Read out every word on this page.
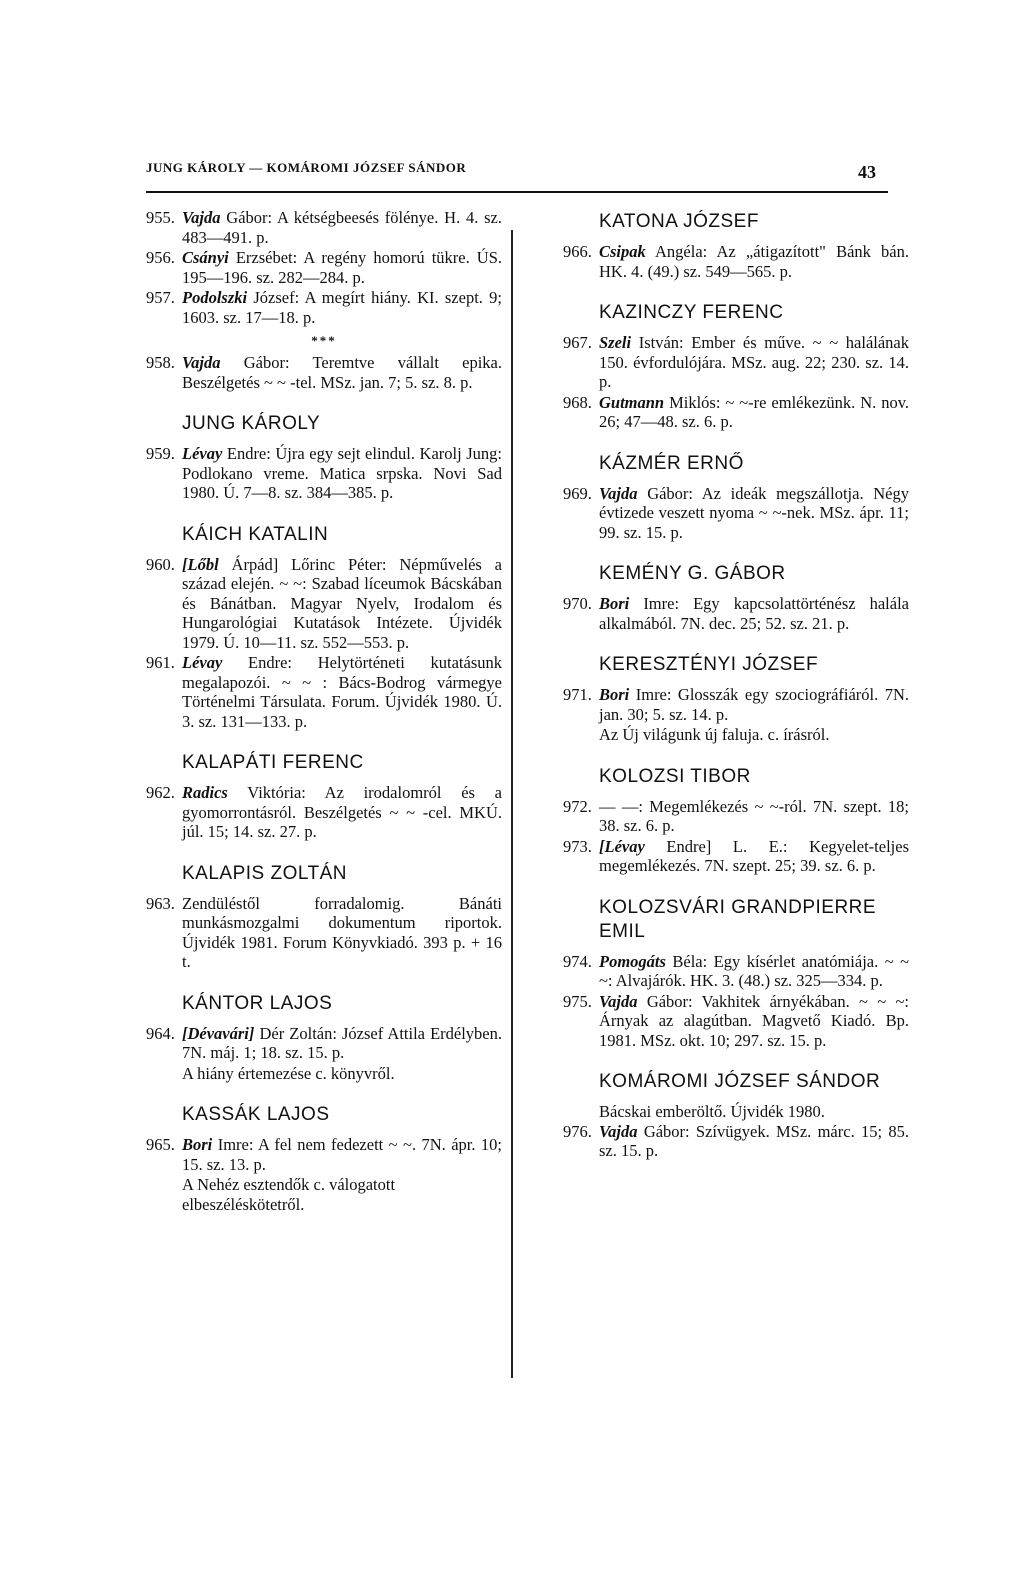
JUNG KÁROLY — KOMÁROMI JÓZSEF SÁNDOR	43
955. Vajda Gábor: A kétségbeesés fölénye. H. 4. sz. 483—491. p.
956. Csányi Erzsébet: A regény homorú tükre. ÚS. 195—196. sz. 282—284. p.
957. Podolszki József: A megírt hiány. KI. szept. 9; 1603. sz. 17—18. p.
***
958. Vajda Gábor: Teremtve vállalt epika. Beszélgetés ~ ~ -tel. MSz. jan. 7; 5. sz. 8. p.
JUNG KÁROLY
959. Lévay Endre: Újra egy sejt elindul. Karolj Jung: Podlokano vreme. Matica srpska. Novi Sad 1980. Ú. 7—8. sz. 384—385. p.
KÁICH KATALIN
960. [Lőbl Árpád] Lőrinc Péter: Népművelés a század elején. ~ ~: Szabad líceumok Bácskában és Bánátban. Magyar Nyelv, Irodalom és Hungarológiai Kutatások Intézete. Újvidék 1979. Ú. 10—11. sz. 552—553. p.
961. Lévay Endre: Helytörténeti kutatásunk megalapozói. ~ ~ : Bács-Bodrog vármegye Történelmi Társulata. Forum. Újvidék 1980. Ú. 3. sz. 131—133. p.
KALAPÁTI FERENC
962. Radics Viktória: Az irodalomról és a gyomorrontásról. Beszélgetés ~ ~ -cel. MKÚ. júl. 15; 14. sz. 27. p.
KALAPIS ZOLTÁN
963. Zendüléstől forradalomig. Bánáti munkásmozgalmi dokumentum riportok. Újvidék 1981. Forum Könyvkiadó. 393 p. + 16 t.
KÁNTOR LAJOS
964. [Dévavári] Dér Zoltán: József Attila Erdélyben. 7N. máj. 1; 18. sz. 15. p.

A hiány értemezése c. könyvről.

KASSÁK LAJOS
965. Bori Imre: A fel nem fedezett ~ ~. 7N. ápr. 10; 15. sz. 13. p.

A Nehéz esztendők c. válogatott elbeszéléskötetről.

KATONA JÓZSEF
966. Csipak Angéla: Az „átigazított" Bánk bán. HK. 4. (49.) sz. 549—565. p.
KAZINCZY FERENC
967. Szeli István: Ember és műve. ~ ~ halálának 150. évfordulójára. MSz. aug. 22; 230. sz. 14. p.
968. Gutmann Miklós: ~ ~-re emlékezünk. N. nov. 26; 47—48. sz. 6. p.
KÁZMÉR ERNŐ
969. Vajda Gábor: Az ideák megszállotja. Négy évtizede veszett nyoma ~ ~-nek. MSz. ápr. 11; 99. sz. 15. p.
KEMÉNY G. GÁBOR
970. Bori Imre: Egy kapcsolattörténész halála alkalmából. 7N. dec. 25; 52. sz. 21. p.
KERESZTÉNYI JÓZSEF
971. Bori Imre: Glosszák egy szociográfiáról. 7N. jan. 30; 5. sz. 14. p.

Az Új világunk új faluja. c. írásról.

KOLOZSI TIBOR
972. — —: Megemlékezés ~ ~-ról. 7N. szept. 18; 38. sz. 6. p.
973. [Lévay Endre] L. E.: Kegyelet-teljes megemlékezés. 7N. szept. 25; 39. sz. 6. p.
KOLOZSVÁRI GRANDPIERRE EMIL
974. Pomogáts Béla: Egy kísérlet anatómiája. ~ ~ ~: Alvajárók. HK. 3. (48.) sz. 325—334. p.
975. Vajda Gábor: Vakhitek árnyékában. ~ ~ ~: Árnyak az alagútban. Magvető Kiadó. Bp. 1981. MSz. okt. 10; 297. sz. 15. p.
KOMÁROMI JÓZSEF SÁNDOR

Bácskai emberöltő. Újvidék 1980.

976. Vajda Gábor: Szívügyek. MSz. márc. 15; 85. sz. 15. p.
